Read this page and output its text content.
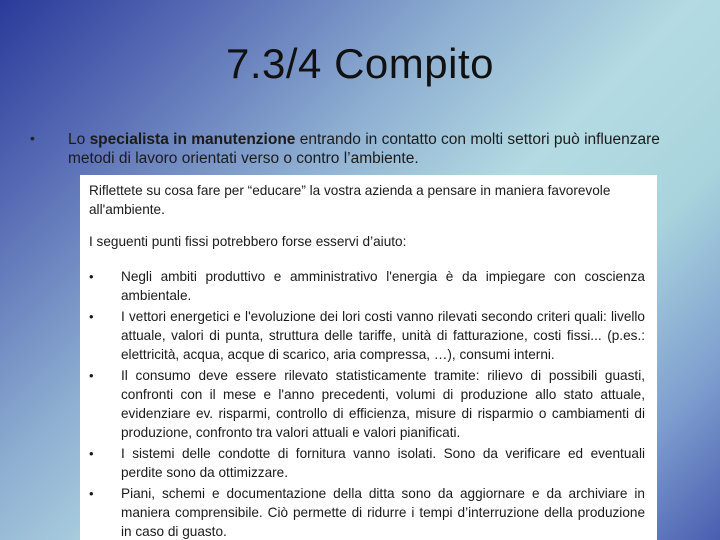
7.3/4 Compito
• Lo specialista in manutenzione entrando in contatto con molti settori può influenzare metodi di lavoro orientati verso o contro l’ambiente.
Riflettete su cosa fare per “educare” la vostra azienda a pensare in maniera favorevole all'ambiente.
I seguenti punti fissi potrebbero forse esservi d’aiuto:
• Negli ambiti produttivo e amministrativo l'energia è da impiegare con coscienza ambientale.
• I vettori energetici e l'evoluzione dei lori costi vanno rilevati secondo criteri quali: livello attuale, valori di punta, struttura delle tariffe, unità di fatturazione, costi fissi... (p.es.: elettricità, acqua, acque di scarico, aria compressa, …), consumi interni.
• Il consumo deve essere rilevato statisticamente tramite: rilievo di possibili guasti, confronti con il mese e l'anno precedenti, volumi di produzione allo stato attuale, evidenziare ev. risparmi, controllo di efficienza, misure di risparmio o cambiamenti di produzione, confronto tra valori attuali e valori pianificati.
• I sistemi delle condotte di fornitura vanno isolati. Sono da verificare ed eventuali perdite sono da ottimizzare.
• Piani, schemi e documentazione della ditta sono da aggiornare e da archiviare in maniera comprensibile. Ciò permette di ridurre i tempi d’interruzione della produzione in caso di guasto.
